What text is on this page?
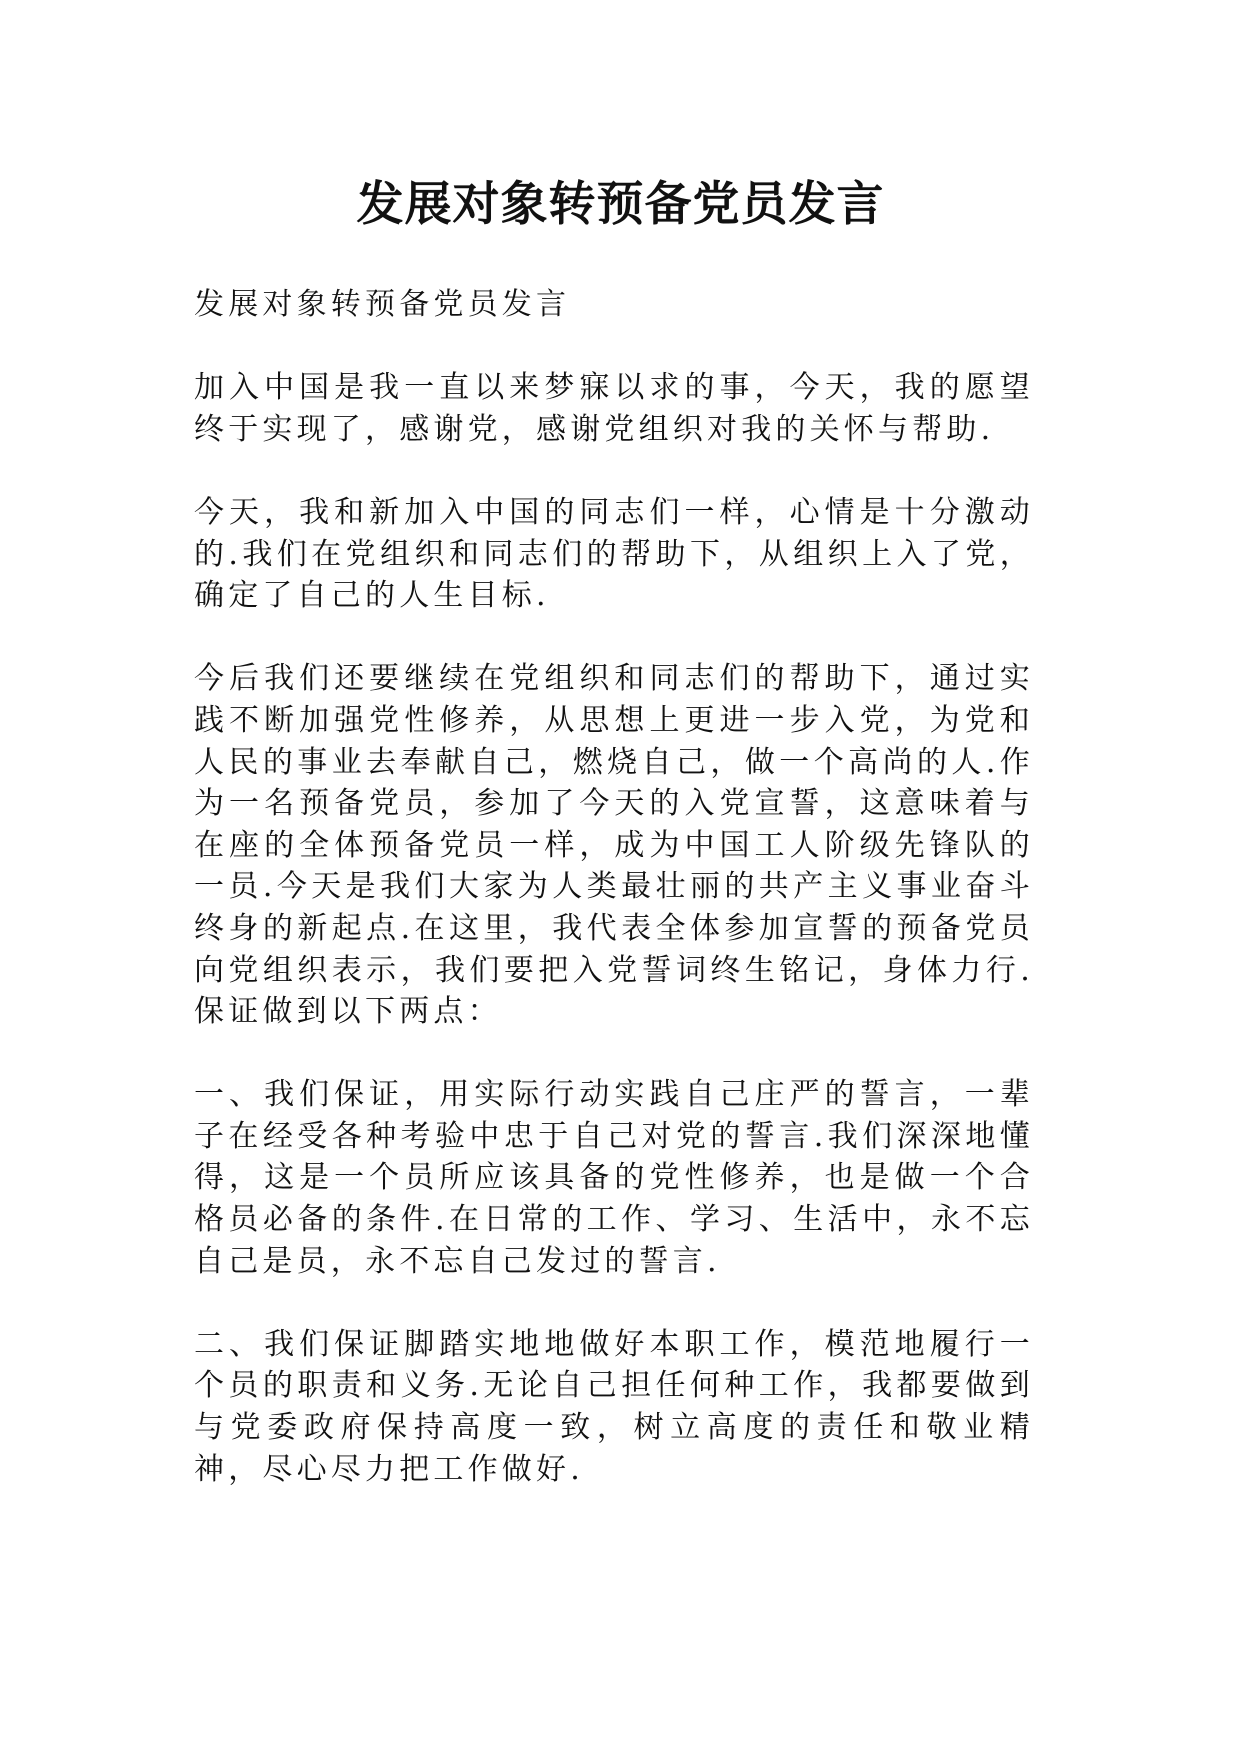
发展对象转预备党员发言

发展对象转预备党员发言

加入中国是我一直以来梦寐以求的事，今天，我的愿望终于实现了，感谢党，感谢党组织对我的关怀与帮助.

今天，我和新加入中国的同志们一样，心情是十分激动的.我们在党组织和同志们的帮助下，从组织上入了党，确定了自己的人生目标.

今后我们还要继续在党组织和同志们的帮助下，通过实践不断加强党性修养，从思想上更进一步入党，为党和人民的事业去奉献自己，燃烧自己，做一个高尚的人.作为一名预备党员，参加了今天的入党宣誓，这意味着与在座的全体预备党员一样，成为中国工人阶级先锋队的一员.今天是我们大家为人类最壮丽的共产主义事业奋斗终身的新起点.在这里，我代表全体参加宣誓的预备党员向党组织表示，我们要把入党誓词终生铭记，身体力行.保证做到以下两点：

一、我们保证，用实际行动实践自己庄严的誓言，一辈子在经受各种考验中忠于自己对党的誓言.我们深深地懂得，这是一个员所应该具备的党性修养，也是做一个合格员必备的条件.在日常的工作、学习、生活中，永不忘自己是员，永不忘自己发过的誓言.

二、我们保证脚踏实地地做好本职工作，模范地履行一个员的职责和义务.无论自己担任何种工作，我都要做到与党委政府保持高度一致，树立高度的责任和敬业精神，尽心尽力把工作做好.
